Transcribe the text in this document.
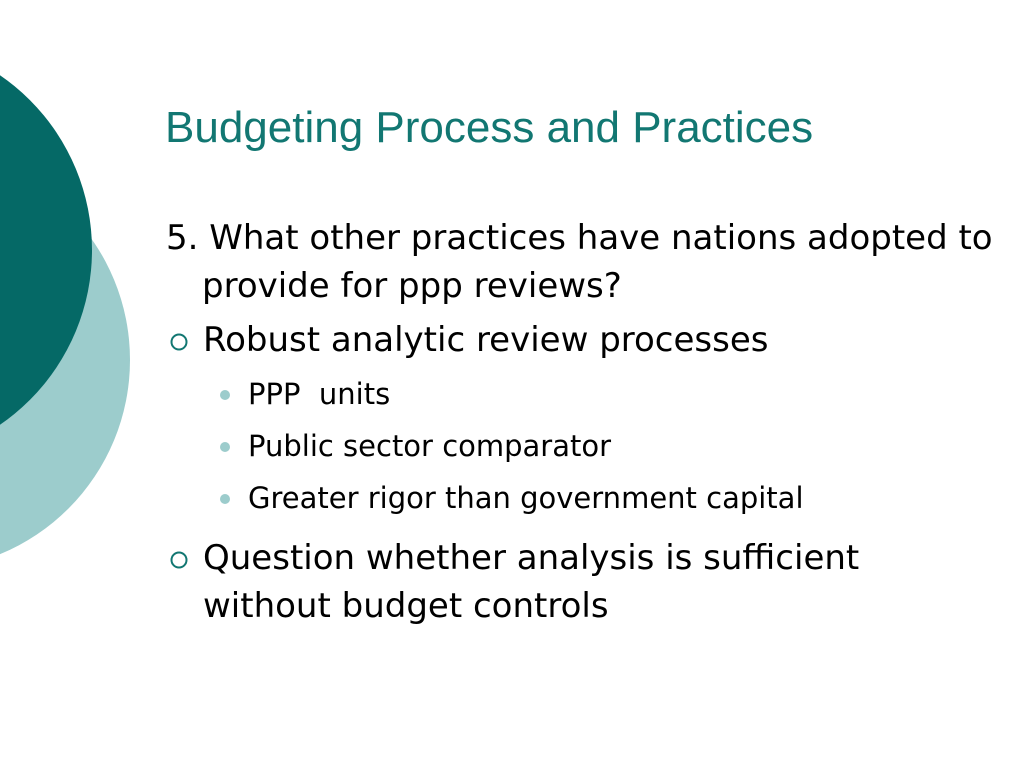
Budgeting Process and Practices

5. What other practices have nations adopted to provide for ppp reviews?

Robust analytic review processes
PPP  units
Public sector comparator
Greater rigor than government capital
Question whether analysis is sufficient without budget controls
